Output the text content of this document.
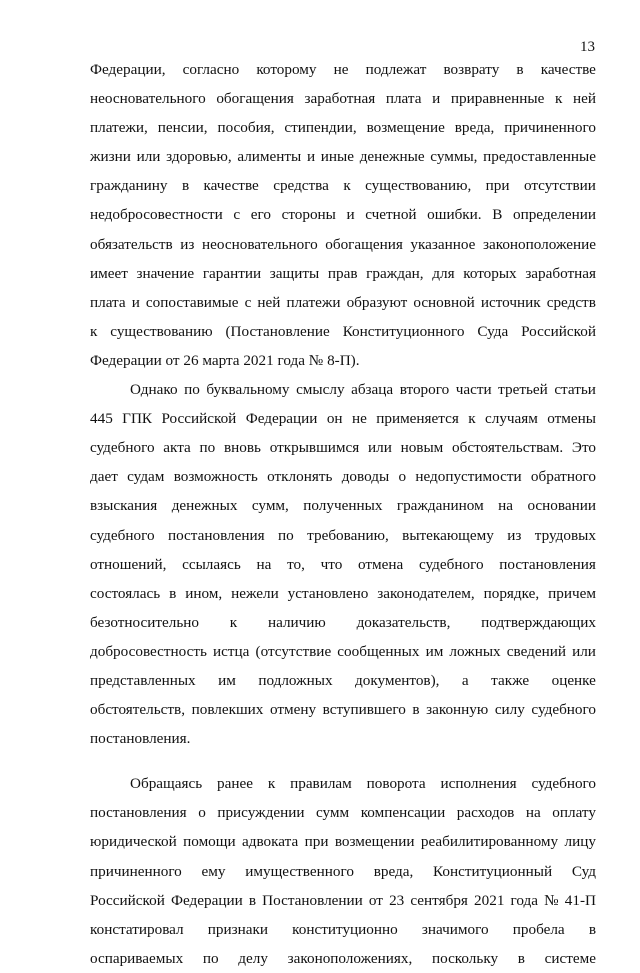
13
Федерации, согласно которому не подлежат возврату в качестве
неосновательного обогащения заработная плата и приравненные к ней
платежи, пенсии, пособия, стипендии, возмещение вреда, причиненного
жизни или здоровью, алименты и иные денежные суммы, предоставленные
гражданину в качестве средства к существованию, при отсутствии
недобросовестности с его стороны и счетной ошибки. В определении
обязательств из неосновательного обогащения указанное законоположение
имеет значение гарантии защиты прав граждан, для которых заработная
плата и сопоставимые с ней платежи образуют основной источник средств
к существованию (Постановление Конституционного Суда Российской
Федерации от 26 марта 2021 года № 8-П).
Однако по буквальному смыслу абзаца второго части третьей статьи
445 ГПК Российской Федерации он не применяется к случаям отмены
судебного акта по вновь открывшимся или новым обстоятельствам. Это
дает судам возможность отклонять доводы о недопустимости обратного
взыскания денежных сумм, полученных гражданином на основании
судебного постановления по требованию, вытекающему из трудовых
отношений, ссылаясь на то, что отмена судебного постановления
состоялась в ином, нежели установлено законодателем, порядке, причем
безотносительно к наличию доказательств, подтверждающих
добросовестность истца (отсутствие сообщенных им ложных сведений или
представленных им подложных документов), а также оценке
обстоятельств, повлекших отмену вступившего в законную силу судебного
постановления.
Обращаясь ранее к правилам поворота исполнения судебного
постановления о присуждении сумм компенсации расходов на оплату
юридической помощи адвоката при возмещении реабилитированному лицу
причиненного ему имущественного вреда, Конституционный Суд
Российской Федерации в Постановлении от 23 сентября 2021 года № 41-П
констатировал признаки конституционно значимого пробела в
оспариваемых по делу законоположениях, поскольку в системе
